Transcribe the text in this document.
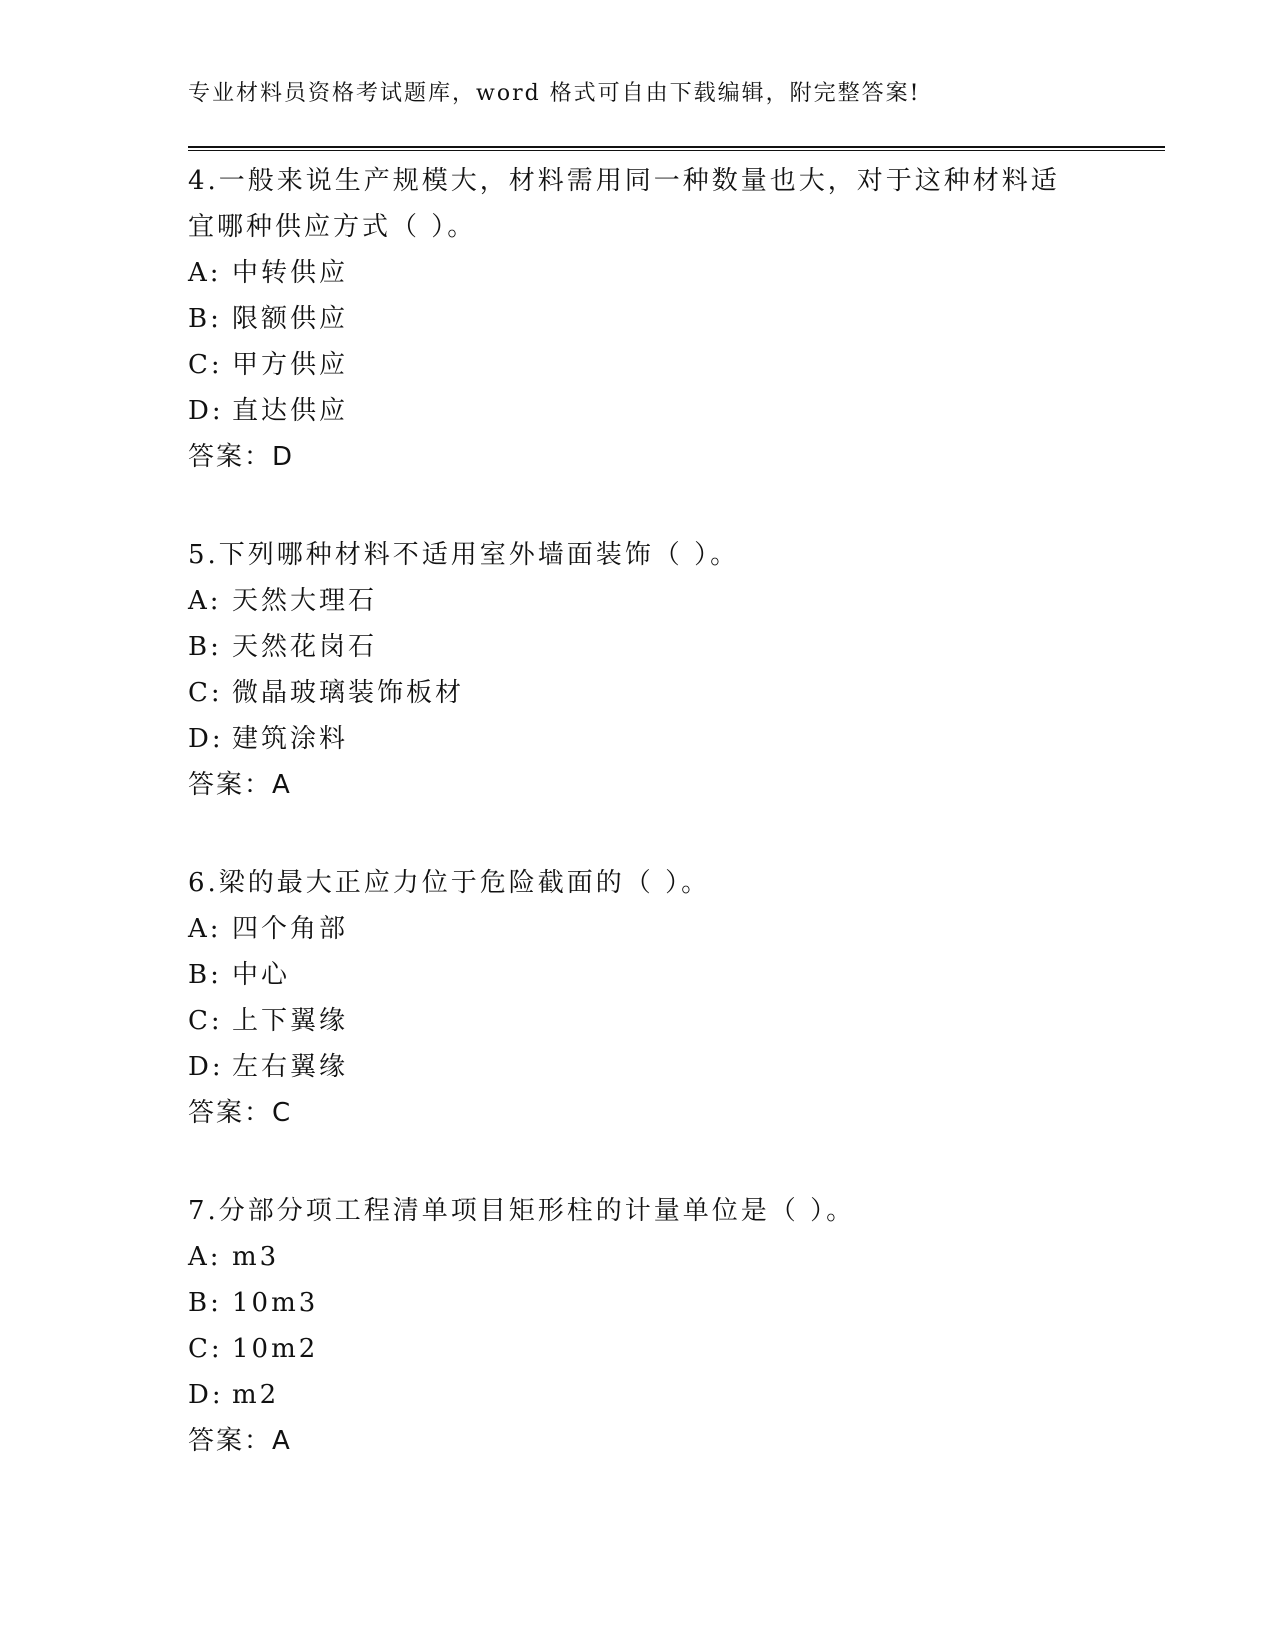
专业材料员资格考试题库，word 格式可自由下载编辑，附完整答案!

4.一般来说生产规模大，材料需用同一种数量也大，对于这种材料适宜哪种供应方式（ ）。

A: 中转供应

B: 限额供应

C: 甲方供应

D: 直达供应

答案：D

5.下列哪种材料不适用室外墙面装饰（ ）。

A: 天然大理石

B: 天然花岗石

C: 微晶玻璃装饰板材

D: 建筑涂料

答案：A

6.梁的最大正应力位于危险截面的（ ）。

A: 四个角部

B: 中心

C: 上下翼缘

D: 左右翼缘

答案：C

7.分部分项工程清单项目矩形柱的计量单位是（ ）。

A: m3

B: 10m3

C: 10m2

D: m2

答案：A
